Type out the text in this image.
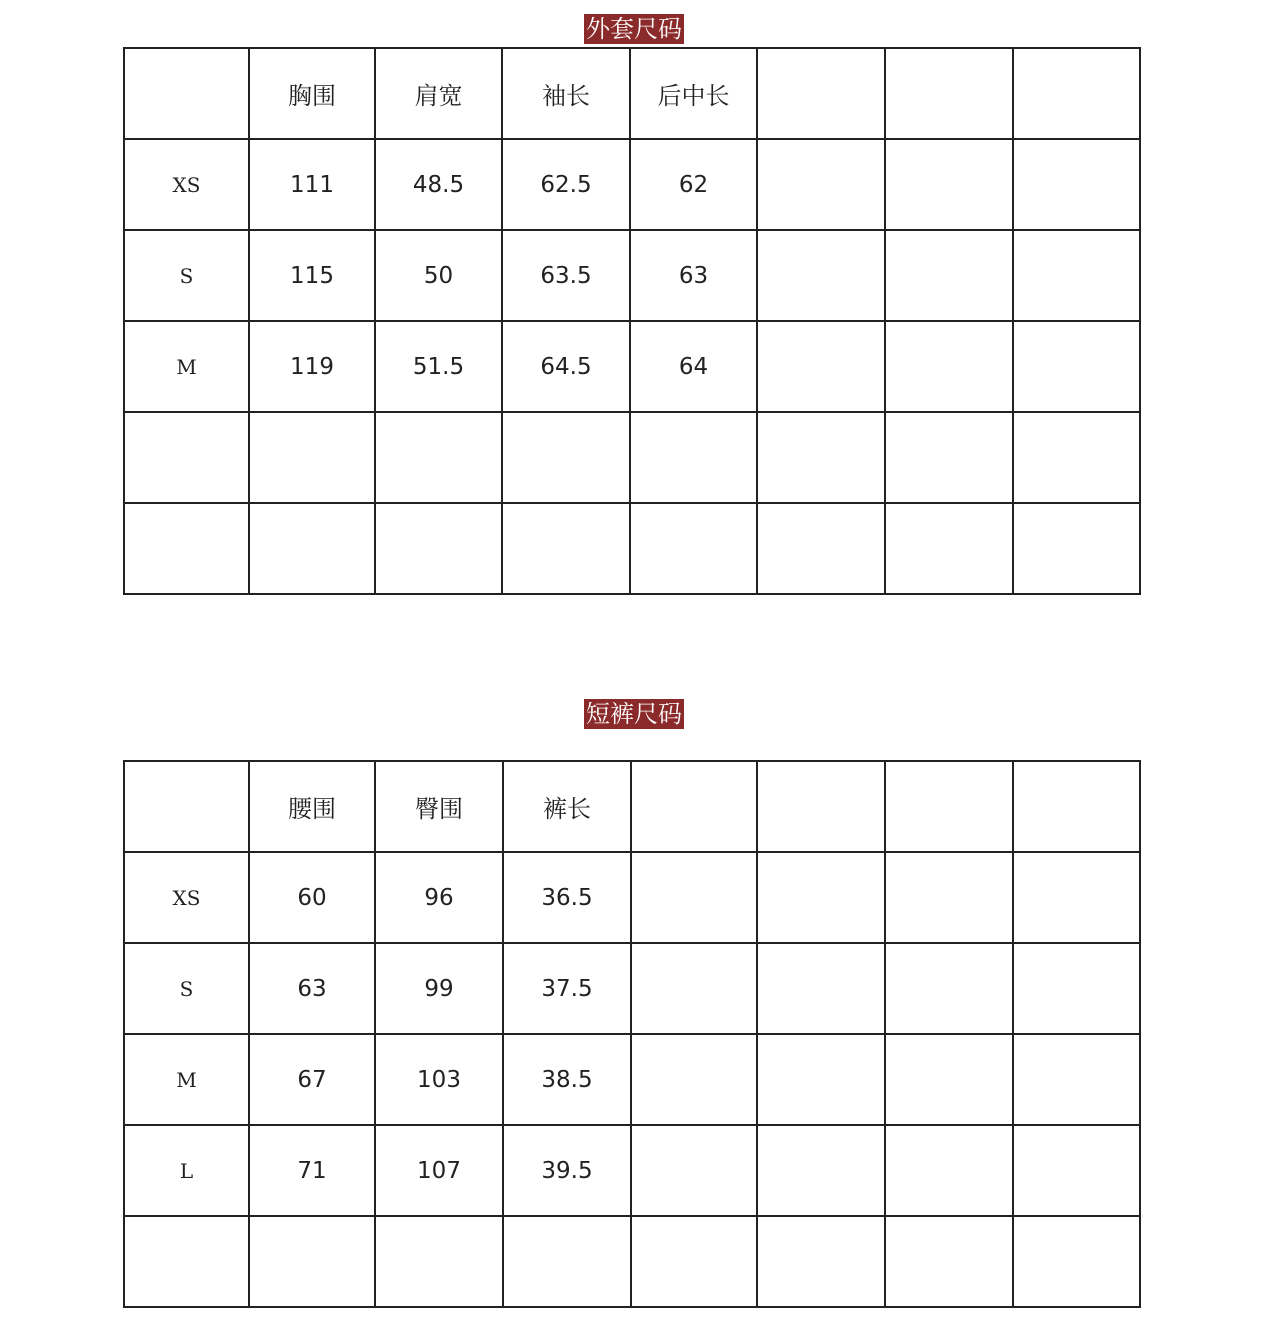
外套尺码
	胸围	肩宽	袖长	后中长			
XS	111	48.5	62.5	62			
S	115	50	63.5	63			
M	119	51.5	64.5	64			

短裤尺码
	腰围	臀围	裤长				
XS	60	96	36.5				
S	63	99	37.5				
M	67	103	38.5				
L	71	107	39.5				
